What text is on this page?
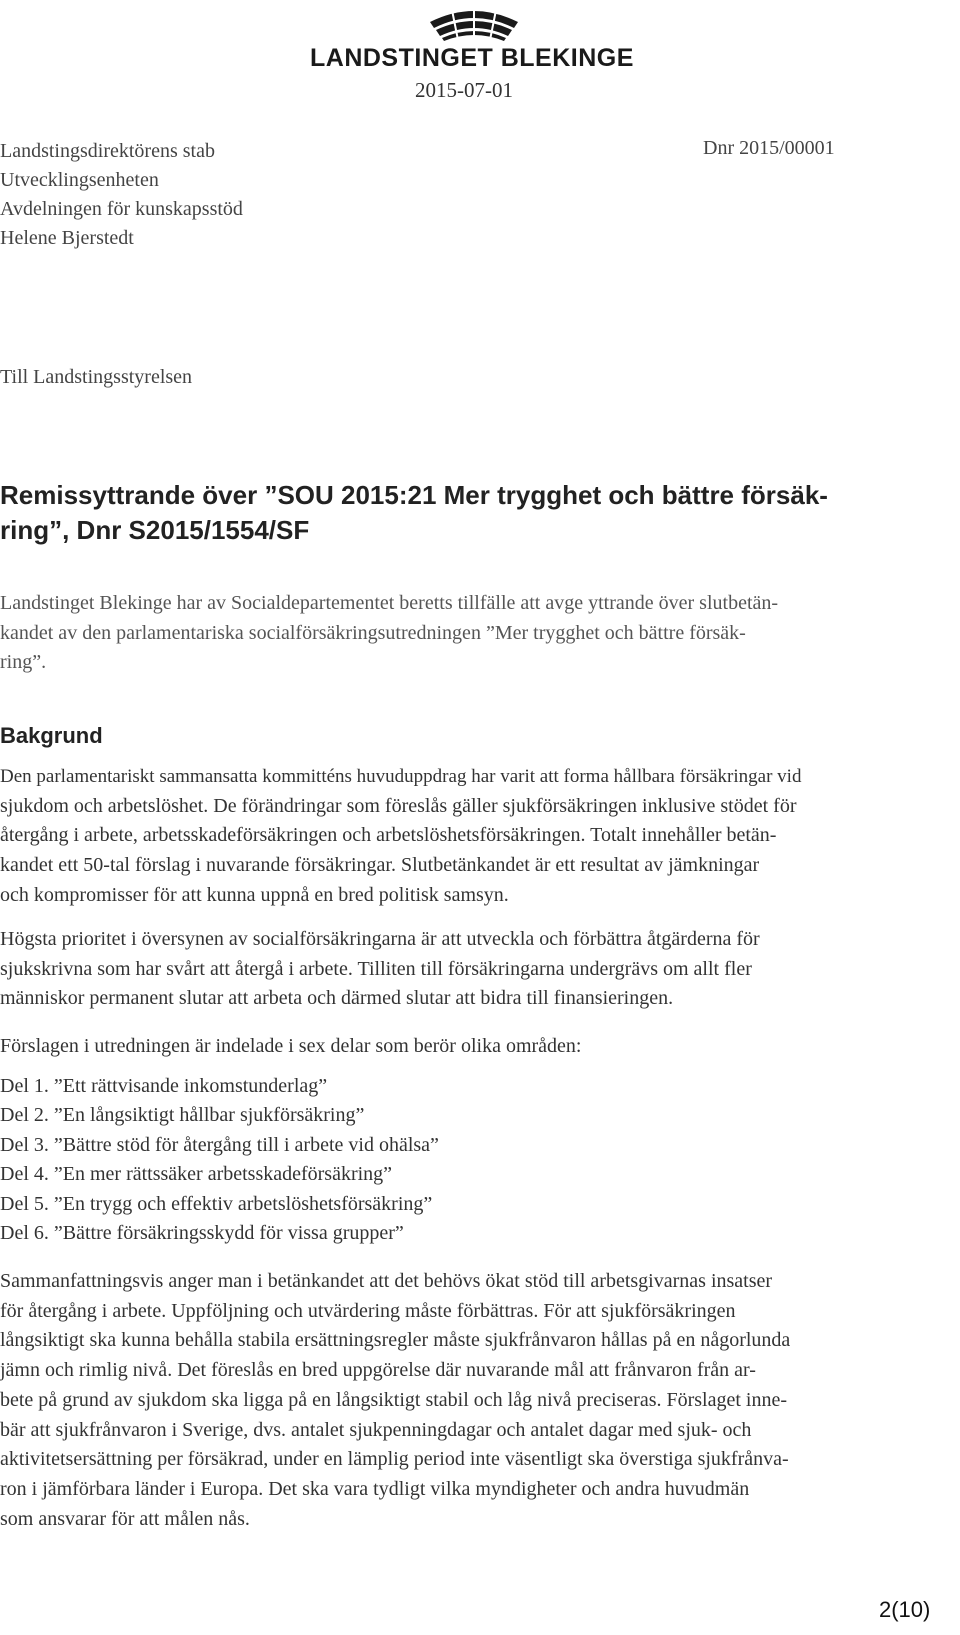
LANDSTINGET BLEKINGE
2015-07-01
Landstingsdirektörens stab
Utvecklingsenheten
Avdelningen för kunskapsstöd
Helene Bjerstedt
Dnr 2015/00001
Till Landstingsstyrelsen
Remissyttrande över ”SOU 2015:21 Mer trygghet och bättre försäk-
ring”, Dnr S2015/1554/SF
Landstinget Blekinge har av Socialdepartementet beretts tillfälle att avge yttrande över slutbetän-
kandet av den parlamentariska socialförsäkringsutredningen ”Mer trygghet och bättre försäk-
ring”.
Bakgrund
Den parlamentariskt sammansatta kommitténs huvuduppdrag har varit att forma hållbara försäkringar vid
sjukdom och arbetslöshet. De förändringar som föreslås gäller sjukförsäkringen inklusive stödet för
återgång i arbete, arbetsskadeförsäkringen och arbetslöshetsförsäkringen. Totalt innehåller betän-
kandet ett 50-tal förslag i nuvarande försäkringar. Slutbetänkandet är ett resultat av jämkningar
och kompromisser för att kunna uppnå en bred politisk samsyn.
Högsta prioritet i översynen av socialförsäkringarna är att utveckla och förbättra åtgärderna för
sjukskrivna som har svårt att återgå i arbete. Tilliten till försäkringarna undergrävs om allt fler
människor permanent slutar att arbeta och därmed slutar att bidra till finansieringen.
Förslagen i utredningen är indelade i sex delar som berör olika områden:
Del 1. ”Ett rättvisande inkomstunderlag”
Del 2. ”En långsiktigt hållbar sjukförsäkring”
Del 3. ”Bättre stöd för återgång till i arbete vid ohälsa”
Del 4. ”En mer rättssäker arbetsskadeförsäkring”
Del 5. ”En trygg och effektiv arbetslöshetsförsäkring”
Del 6. ”Bättre försäkringsskydd för vissa grupper”
Sammanfattningsvis anger man i betänkandet att det behövs ökat stöd till arbetsgivarnas insatser
för återgång i arbete. Uppföljning och utvärdering måste förbättras. För att sjukförsäkringen
långsiktigt ska kunna behålla stabila ersättningsregler måste sjukfrånvaron hållas på en någorlunda
jämn och rimlig nivå. Det föreslås en bred uppgörelse där nuvarande mål att frånvaron från ar-
bete på grund av sjukdom ska ligga på en långsiktigt stabil och låg nivå preciseras. Förslaget inne-
bär att sjukfrånvaron i Sverige, dvs. antalet sjukpenningdagar och antalet dagar med sjuk- och
aktivitetsersättning per försäkrad, under en lämplig period inte väsentligt ska överstiga sjukfrånva-
ron i jämförbara länder i Europa. Det ska vara tydligt vilka myndigheter och andra huvudmän
som ansvarar för att målen nås.
2(10)
